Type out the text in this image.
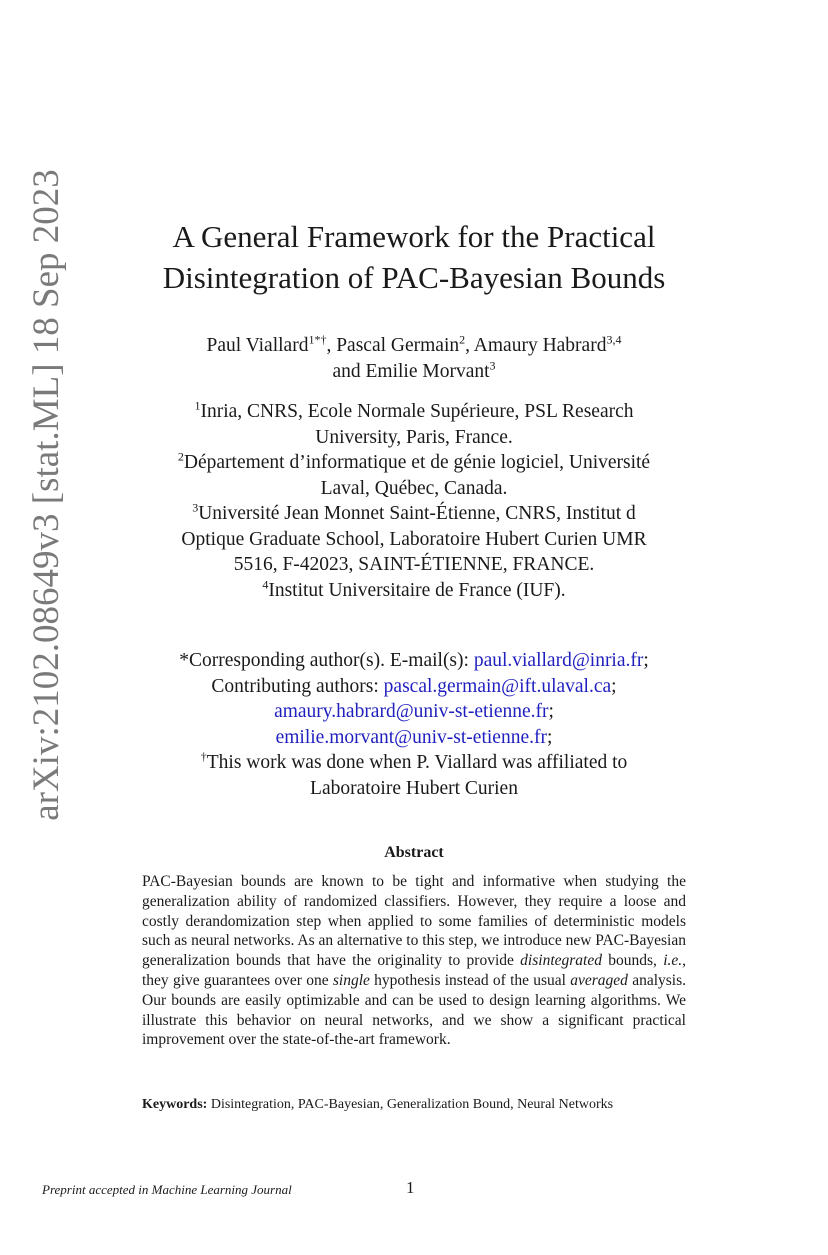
arXiv:2102.08649v3 [stat.ML] 18 Sep 2023	A General Framework for the Practical
Disintegration of PAC-Bayesian Bounds
Paul Viallard$^{1*\dagger}$, Pascal Germain$^2$, Amaury Habrard$^{3,4}$
and Emilie Morvant$^3$
$^1$Inria, CNRS, Ecole Normale Supérieure, PSL Research
University, Paris, France.
$^2$Département d’informatique et de génie logiciel, Université
Laval, Québec, Canada.
$^3$Université Jean Monnet Saint-Étienne, CNRS, Institut d
Optique Graduate School, Laboratoire Hubert Curien UMR
5516, F-42023, SAINT-ÉTIENNE, FRANCE.
$^4$Institut Universitaire de France (IUF).
*Corresponding author(s). E-mail(s): paul.viallard@inria.fr;
Contributing authors: pascal.germain@ift.ulaval.ca;
amaury.habrard@univ-st-etienne.fr;
emilie.morvant@univ-st-etienne.fr;
†This work was done when P. Viallard was affiliated to
Laboratoire Hubert Curien
Abstract

PAC-Bayesian bounds are known to be tight and informative when studying the generalization ability of randomized classifiers. However, they require a loose and costly derandomization step when applied to some families of deterministic models such as neural networks. As an alternative to this step, we introduce new PAC-Bayesian generalization bounds that have the originality to provide disintegrated bounds, i.e., they give guarantees over one single hypothesis instead of the usual averaged analysis. Our bounds are easily optimizable and can be used to design learning algorithms. We illustrate this behavior on neural networks, and we show a significant practical improvement over the state-of-the-art framework.

Keywords: Disintegration, PAC-Bayesian, Generalization Bound, Neural Networks

Preprint accepted in Machine Learning Journal	1
